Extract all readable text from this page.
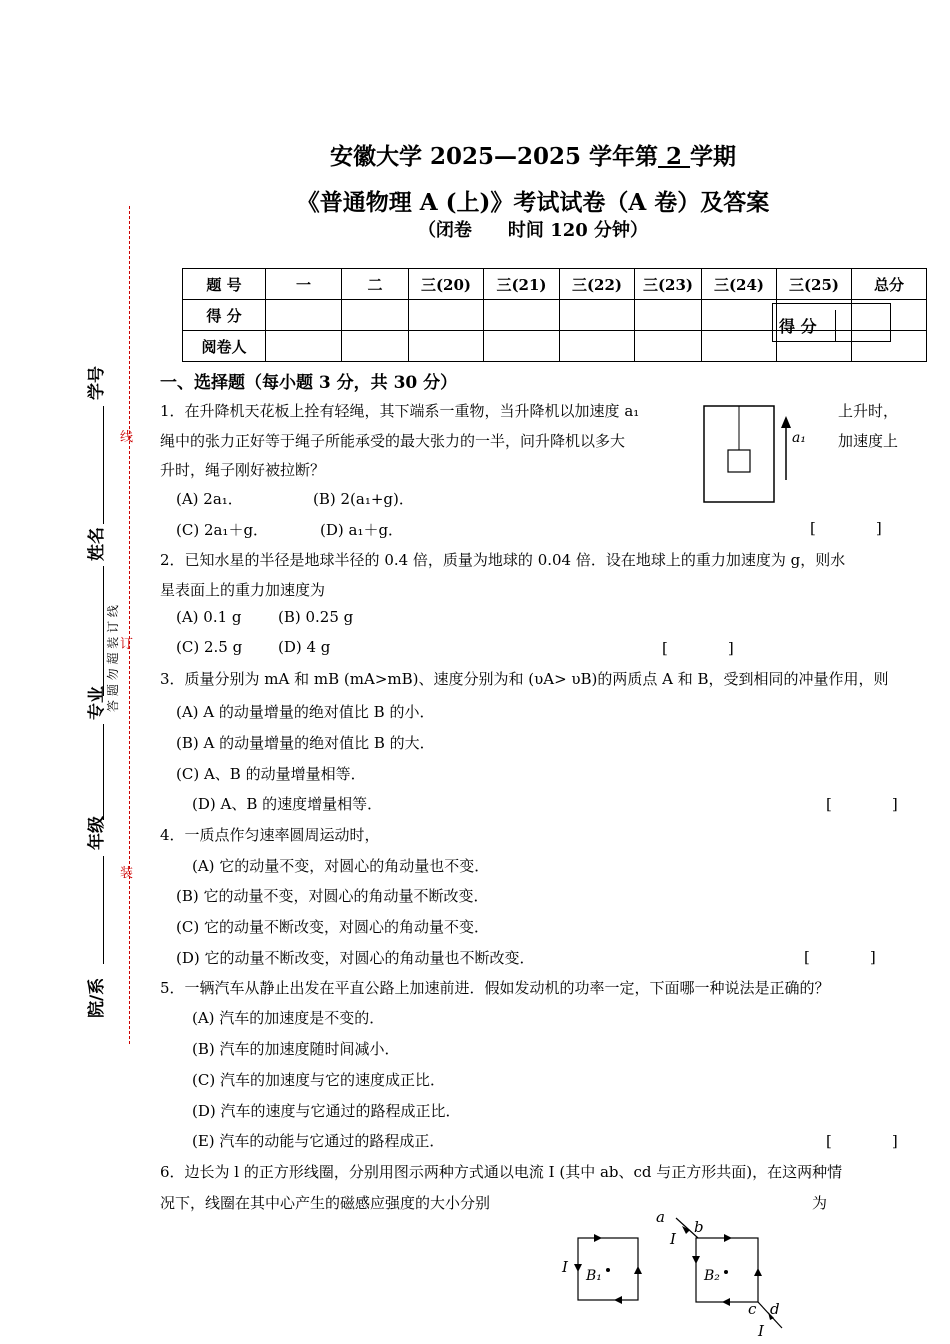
安徽大学 2025—2025 学年第 2 学期
《普通物理 A (上)》考试试卷（A 卷）及答案
（闭卷　　时间 120 分钟）
题 号	一	二	三(20)	三(21)	三(22)	三(23)	三(24)	三(25)	总分
得 分									
阅卷人									
得 分
学号
姓名
专业
年级
院/系
答 题 勿 超 装 订 线
线
订
装
一、选择题（每小题 3 分，共 30 分）
1．在升降机天花板上拴有轻绳，其下端系一重物，当升降机以加速度 a₁	上升时，
绳中的张力正好等于绳子所能承受的最大张力的一半，问升降机以多大	加速度上
升时，绳子刚好被拉断？
(A) 2a₁．	(B) 2(a₁+g)．
(C) 2a₁＋g．	(D) a₁＋g．	[　　　　]
a₁
2．已知水星的半径是地球半径的 0.4 倍，质量为地球的 0.04 倍．设在地球上的重力加速度为 g，则水
星表面上的重力加速度为
(A) 0.1 g (B) 0.25 g
(C) 2.5 g (D) 4 g	[　　　　]
3．质量分别为 mA 和 mB (mA>mB)、速度分别为和 (υA> υB)的两质点 A 和 B，受到相同的冲量作用，则
(A) A 的动量增量的绝对值比 B 的小．
(B) A 的动量增量的绝对值比 B 的大．
(C) A、B 的动量增量相等．
(D) A、B 的速度增量相等．	[　　　　]
4．一质点作匀速率圆周运动时，
(A) 它的动量不变，对圆心的角动量也不变．
(B) 它的动量不变，对圆心的角动量不断改变．
(C) 它的动量不断改变，对圆心的角动量不变．
(D) 它的动量不断改变，对圆心的角动量也不断改变．	[　　　　]
5．一辆汽车从静止出发在平直公路上加速前进．假如发动机的功率一定，下面哪一种说法是正确的？
(A) 汽车的加速度是不变的．
(B) 汽车的加速度随时间减小．
(C) 汽车的加速度与它的速度成正比．
(D) 汽车的速度与它通过的路程成正比．
(E) 汽车的动能与它通过的路程成正．	[　　　　]
6．边长为 l 的正方形线圈，分别用图示两种方式通以电流 I (其中 ab、cd 与正方形共面)，在这两种情
况下，线圈在其中心产生的磁感应强度的大小分别	为
I B₁
a
b
I
B₂
c d
I
